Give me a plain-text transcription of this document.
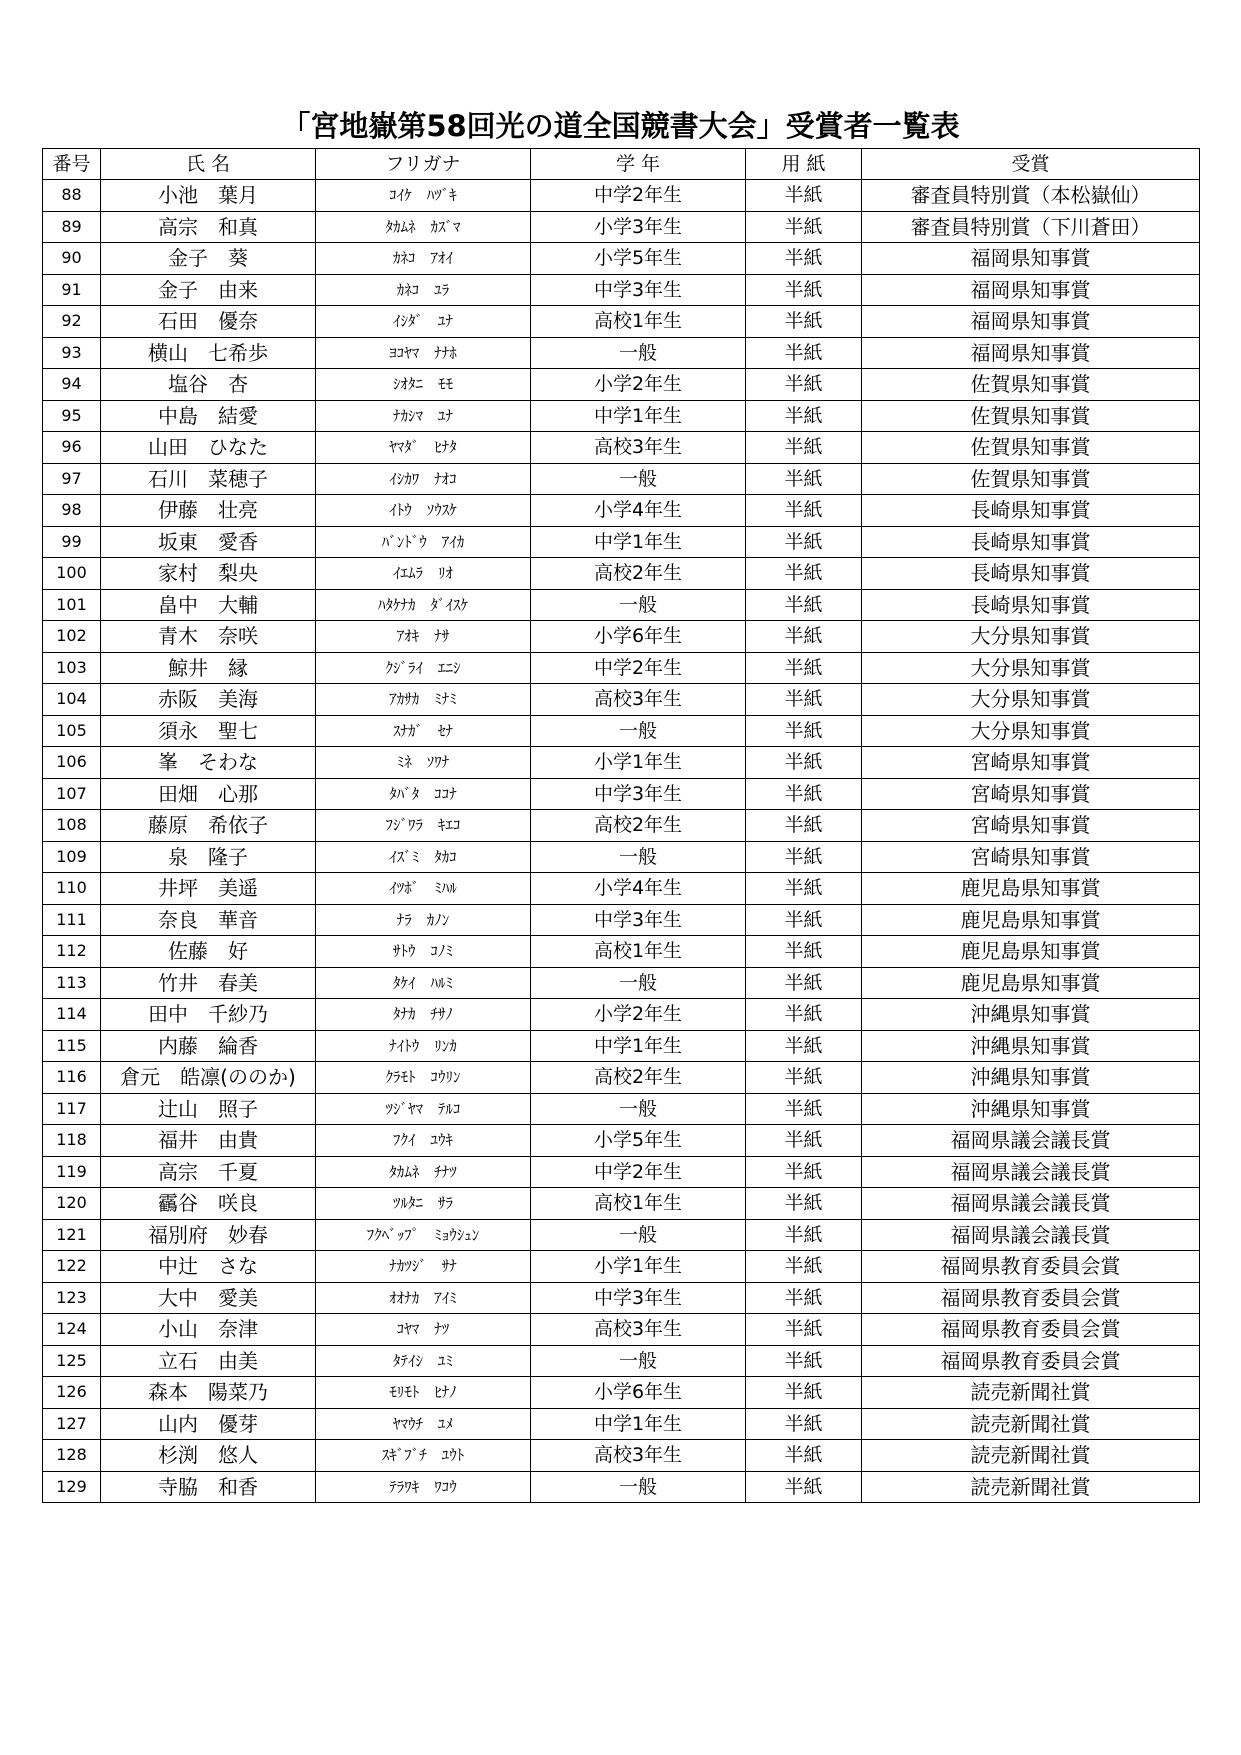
「宮地嶽第58回光の道全国競書大会」受賞者一覧表
番号	氏 名	フリガナ	学 年	用 紙	受賞
88	小池　葉月	ｺｲｹ　ﾊﾂﾞｷ	中学2年生	半紙	審査員特別賞（本松嶽仙）
89	高宗　和真	ﾀｶﾑﾈ　ｶｽﾞﾏ	小学3年生	半紙	審査員特別賞（下川蒼田）
90	金子　葵	ｶﾈｺ　ｱｵｲ	小学5年生	半紙	福岡県知事賞
91	金子　由来	ｶﾈｺ　ﾕﾗ	中学3年生	半紙	福岡県知事賞
92	石田　優奈	ｲｼﾀﾞ　ﾕﾅ	高校1年生	半紙	福岡県知事賞
93	横山　七希歩	ﾖｺﾔﾏ　ﾅﾅﾎ	一般	半紙	福岡県知事賞
94	塩谷　杏	ｼｵﾀﾆ　ﾓﾓ	小学2年生	半紙	佐賀県知事賞
95	中島　結愛	ﾅｶｼﾏ　ﾕﾅ	中学1年生	半紙	佐賀県知事賞
96	山田　ひなた	ﾔﾏﾀﾞ　ﾋﾅﾀ	高校3年生	半紙	佐賀県知事賞
97	石川　菜穂子	ｲｼｶﾜ　ﾅｵｺ	一般	半紙	佐賀県知事賞
98	伊藤　壮亮	ｲﾄｳ　ｿｳｽｹ	小学4年生	半紙	長崎県知事賞
99	坂東　愛香	ﾊﾞﾝﾄﾞｳ　ｱｲｶ	中学1年生	半紙	長崎県知事賞
100	家村　梨央	ｲｴﾑﾗ　ﾘｵ	高校2年生	半紙	長崎県知事賞
101	畠中　大輔	ﾊﾀｹﾅｶ　ﾀﾞｲｽｹ	一般	半紙	長崎県知事賞
102	青木　奈咲	ｱｵｷ　ﾅｻ	小学6年生	半紙	大分県知事賞
103	鯨井　縁	ｸｼﾞﾗｲ　ｴﾆｼ	中学2年生	半紙	大分県知事賞
104	赤阪　美海	ｱｶｻｶ　ﾐﾅﾐ	高校3年生	半紙	大分県知事賞
105	須永　聖七	ｽﾅｶﾞ　ｾﾅ	一般	半紙	大分県知事賞
106	峯　そわな	ﾐﾈ　ｿﾜﾅ	小学1年生	半紙	宮崎県知事賞
107	田畑　心那	ﾀﾊﾞﾀ　ｺｺﾅ	中学3年生	半紙	宮崎県知事賞
108	藤原　希依子	ﾌｼﾞﾜﾗ　ｷｴｺ	高校2年生	半紙	宮崎県知事賞
109	泉　隆子	ｲｽﾞﾐ　ﾀｶｺ	一般	半紙	宮崎県知事賞
110	井坪　美遥	ｲﾂﾎﾞ　ﾐﾊﾙ	小学4年生	半紙	鹿児島県知事賞
111	奈良　華音	ﾅﾗ　ｶﾉﾝ	中学3年生	半紙	鹿児島県知事賞
112	佐藤　好	ｻﾄｳ　ｺﾉﾐ	高校1年生	半紙	鹿児島県知事賞
113	竹井　春美	ﾀｹｲ　ﾊﾙﾐ	一般	半紙	鹿児島県知事賞
114	田中　千紗乃	ﾀﾅｶ　ﾁｻﾉ	小学2年生	半紙	沖縄県知事賞
115	内藤　綸香	ﾅｲﾄｳ　ﾘﾝｶ	中学1年生	半紙	沖縄県知事賞
116	倉元　皓凛(ののか)	ｸﾗﾓﾄ　ｺｳﾘﾝ	高校2年生	半紙	沖縄県知事賞
117	辻山　照子	ﾂｼﾞﾔﾏ　ﾃﾙｺ	一般	半紙	沖縄県知事賞
118	福井　由貴	ﾌｸｲ　ﾕｳｷ	小学5年生	半紙	福岡県議会議長賞
119	高宗　千夏	ﾀｶﾑﾈ　ﾁﾅﾂ	中学2年生	半紙	福岡県議会議長賞
120	靏谷　咲良	ﾂﾙﾀﾆ　ｻﾗ	高校1年生	半紙	福岡県議会議長賞
121	福別府　妙春	ﾌｸﾍﾞｯﾌﾟ　ﾐｮｳｼｭﾝ	一般	半紙	福岡県議会議長賞
122	中辻　さな	ﾅｶﾂｼﾞ　ｻﾅ	小学1年生	半紙	福岡県教育委員会賞
123	大中　愛美	ｵｵﾅｶ　ｱｲﾐ	中学3年生	半紙	福岡県教育委員会賞
124	小山　奈津	ｺﾔﾏ　ﾅﾂ	高校3年生	半紙	福岡県教育委員会賞
125	立石　由美	ﾀﾃｲｼ　ﾕﾐ	一般	半紙	福岡県教育委員会賞
126	森本　陽菜乃	ﾓﾘﾓﾄ　ﾋﾅﾉ	小学6年生	半紙	読売新聞社賞
127	山内　優芽	ﾔﾏｳﾁ　ﾕﾒ	中学1年生	半紙	読売新聞社賞
128	杉渕　悠人	ｽｷﾞﾌﾞﾁ　ﾕｳﾄ	高校3年生	半紙	読売新聞社賞
129	寺脇　和香	ﾃﾗﾜｷ　ﾜｺｳ	一般	半紙	読売新聞社賞
